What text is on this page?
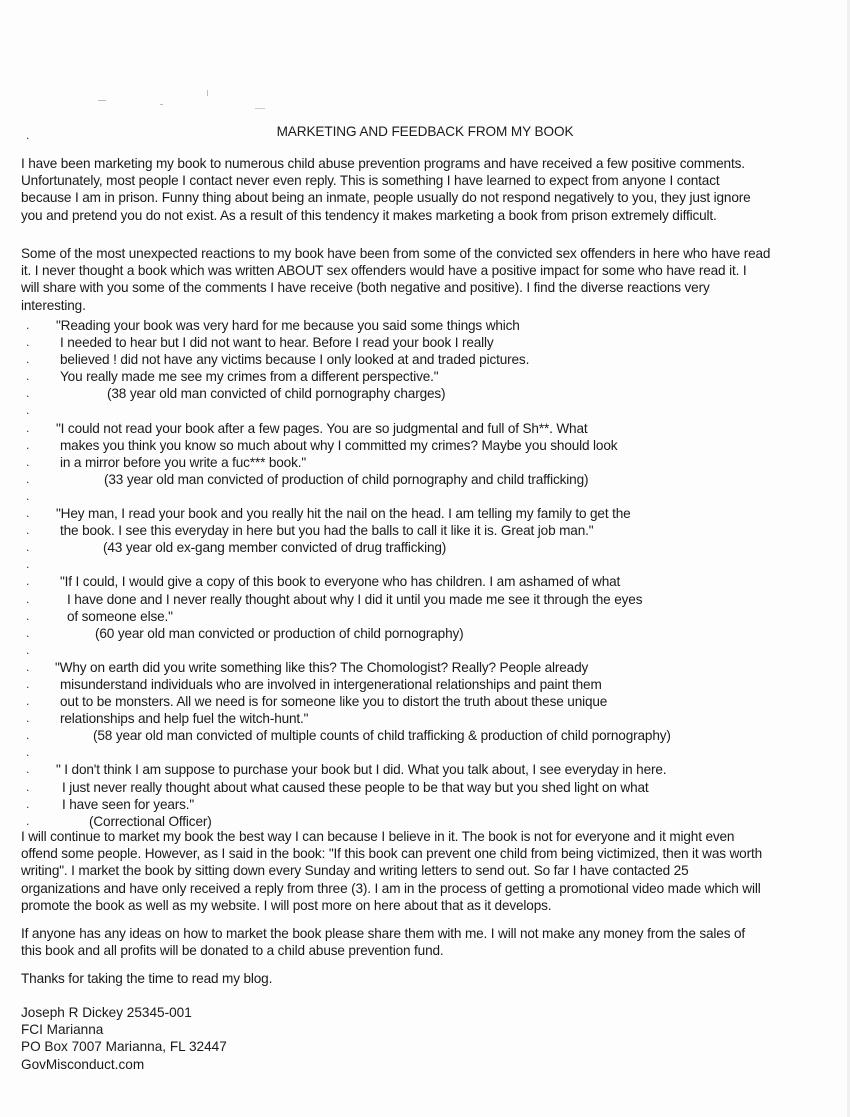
.	MARKETING AND FEEDBACK FROM MY BOOK
I have been marketing my book to numerous child abuse prevention programs and have received a few positive comments.
Unfortunately, most people I contact never even reply. This is something I have learned to expect from anyone I contact
because I am in prison. Funny thing about being an inmate, people usually do not respond negatively to you, they just ignore
you and pretend you do not exist. As a result of this tendency it makes marketing a book from prison extremely difficult.
Some of the most unexpected reactions to my book have been from some of the convicted sex offenders in here who have read
it. I never thought a book which was written ABOUT sex offenders would have a positive impact for some who have read it. I
will share with you some of the comments I have receive (both negative and positive). I find the diverse reactions very
interesting.
. "Reading your book was very hard for me because you said some things which
. I needed to hear but I did not want to hear. Before I read your book I really
. believed ! did not have any victims because I only looked at and traded pictures.
. You really made me see my crimes from a different perspective."
.	(38 year old man convicted of child pornography charges)
.
. "I could not read your book after a few pages. You are so judgmental and full of Sh**. What
. makes you think you know so much about why I committed my crimes? Maybe you should look
. in a mirror before you write a fuc*** book."
.	(33 year old man convicted of production of child pornography and child trafficking)
.
. "Hey man, I read your book and you really hit the nail on the head. I am telling my family to get the
. the book. I see this everyday in here but you had the balls to call it like it is. Great job man."
.	(43 year old ex-gang member convicted of drug trafficking)
.
. "If I could, I would give a copy of this book to everyone who has children. I am ashamed of what
.	I have done and I never really thought about why I did it until you made me see it through the eyes
.	of someone else."
.	(60 year old man convicted or production of child pornography)
.
. "Why on earth did you write something like this? The Chomologist? Really? People already
. misunderstand individuals who are involved in intergenerational relationships and paint them
. out to be monsters. All we need is for someone like you to distort the truth about these unique
. relationships and help fuel the witch-hunt."
.	(58 year old man convicted of multiple counts of child trafficking & production of child pornography)
.
. " I don't think I am suppose to purchase your book but I did. What you talk about, I see everyday in here.
. I just never really thought about what caused these people to be that way but you shed light on what
. I have seen for years."
.	(Correctional Officer)
I will continue to market my book the best way I can because I believe in it. The book is not for everyone and it might even
offend some people. However, as I said in the book: "If this book can prevent one child from being victimized, then it was worth
writing". I market the book by sitting down every Sunday and writing letters to send out. So far I have contacted 25
organizations and have only received a reply from three (3). I am in the process of getting a promotional video made which will
promote the book as well as my website. I will post more on here about that as it develops.
If anyone has any ideas on how to market the book please share them with me. I will not make any money from the sales of
this book and all profits will be donated to a child abuse prevention fund.
Thanks for taking the time to read my blog.
Joseph R Dickey 25345-001
FCI Marianna
PO Box 7007 Marianna, FL 32447
GovMisconduct.com
